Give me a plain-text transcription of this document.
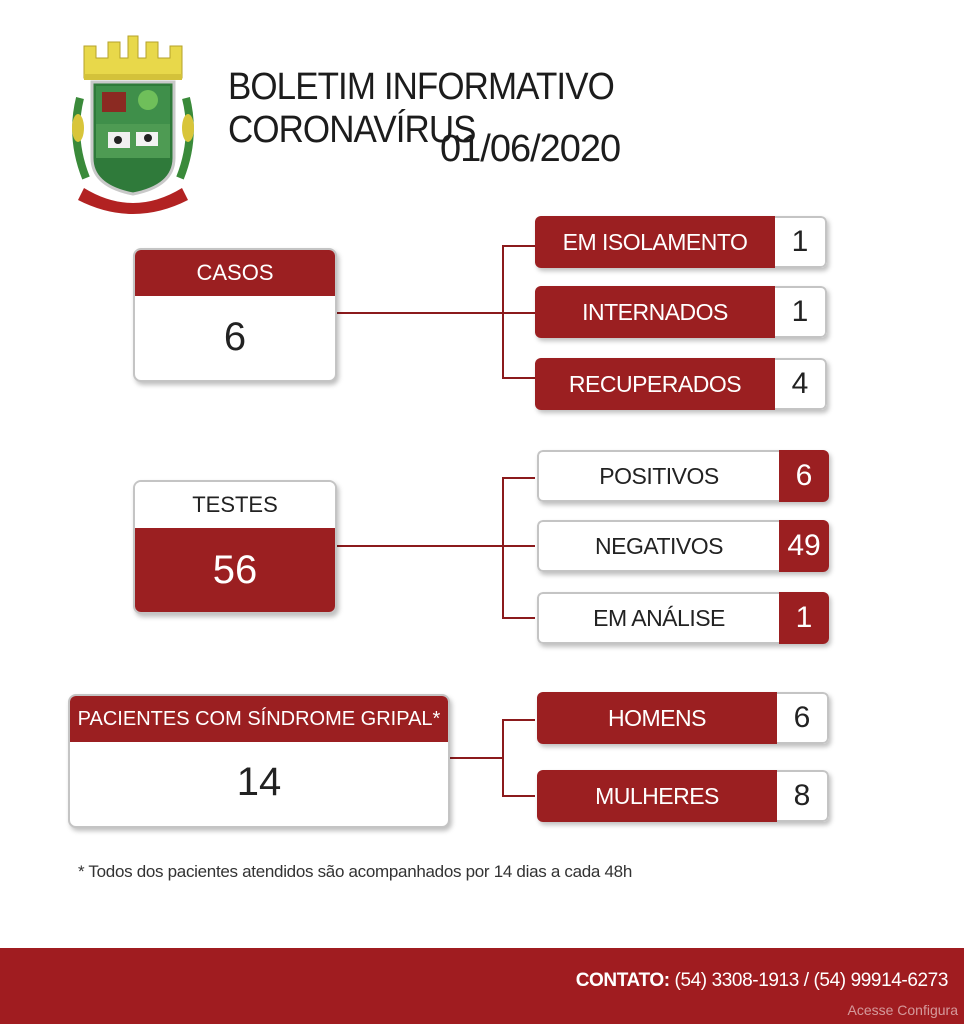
BOLETIM INFORMATIVO CORONAVÍRUS
01/06/2020
CASOS
6
EM ISOLAMENTO	1
INTERNADOS	1
RECUPERADOS	4
TESTES
56
POSITIVOS	6
NEGATIVOS	49
EM ANÁLISE	1
PACIENTES COM SÍNDROME GRIPAL*
14
HOMENS	6
MULHERES	8
* Todos dos pacientes atendidos são acompanhados por 14 dias a cada 48h
CONTATO: (54) 3308-1913 / (54) 99914-6273
Acesse Configura
